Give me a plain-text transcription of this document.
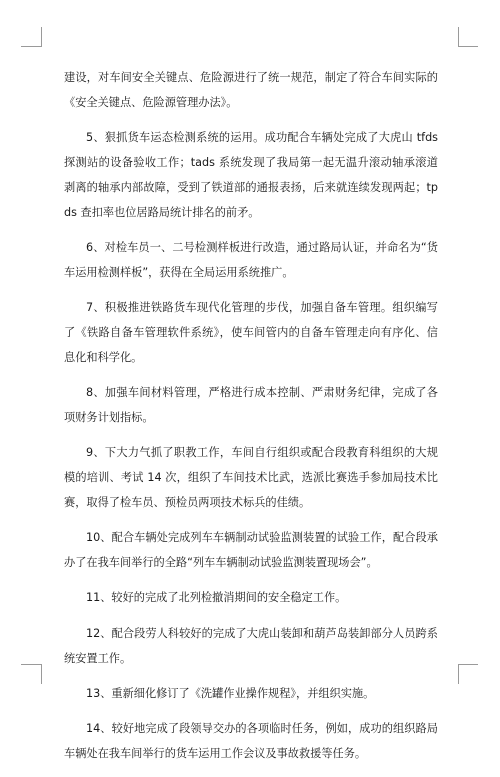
建设，对车间安全关键点、危险源进行了统一规范，制定了符合车间实际的《安全关键点、危险源管理办法》。

5、狠抓货车运态检测系统的运用。成功配合车辆处完成了大虎山 tfds 探测站的设备验收工作；tads 系统发现了我局第一起无温升滚动轴承滚道剥离的轴承内部故障，受到了铁道部的通报表扬，后来就连续发现两起；tpds 查扣率也位居路局统计排名的前矛。

6、对检车员一、二号检测样板进行改造，通过路局认证，并命名为“货车运用检测样板”，获得在全局运用系统推广。

7、积极推进铁路货车现代化管理的步伐，加强自备车管理。组织编写了《铁路自备车管理软件系统》，使车间管内的自备车管理走向有序化、信息化和科学化。

8、加强车间材料管理，严格进行成本控制、严肃财务纪律，完成了各项财务计划指标。

9、下大力气抓了职教工作，车间自行组织或配合段教育科组织的大规模的培训、考试 14 次，组织了车间技术比武，选派比赛选手参加局技术比赛，取得了检车员、预检员两项技术标兵的佳绩。

10、配合车辆处完成列车车辆制动试验监测装置的试验工作，配合段承办了在我车间举行的全路“列车车辆制动试验监测装置现场会”。

11、较好的完成了北列检撤消期间的安全稳定工作。

12、配合段劳人科较好的完成了大虎山装卸和葫芦岛装卸部分人员跨系统安置工作。

13、重新细化修订了《洗罐作业操作规程》，并组织实施。

14、较好地完成了段领导交办的各项临时任务，例如，成功的组织路局车辆处在我车间举行的货车运用工作会议及事故救援等任务。
